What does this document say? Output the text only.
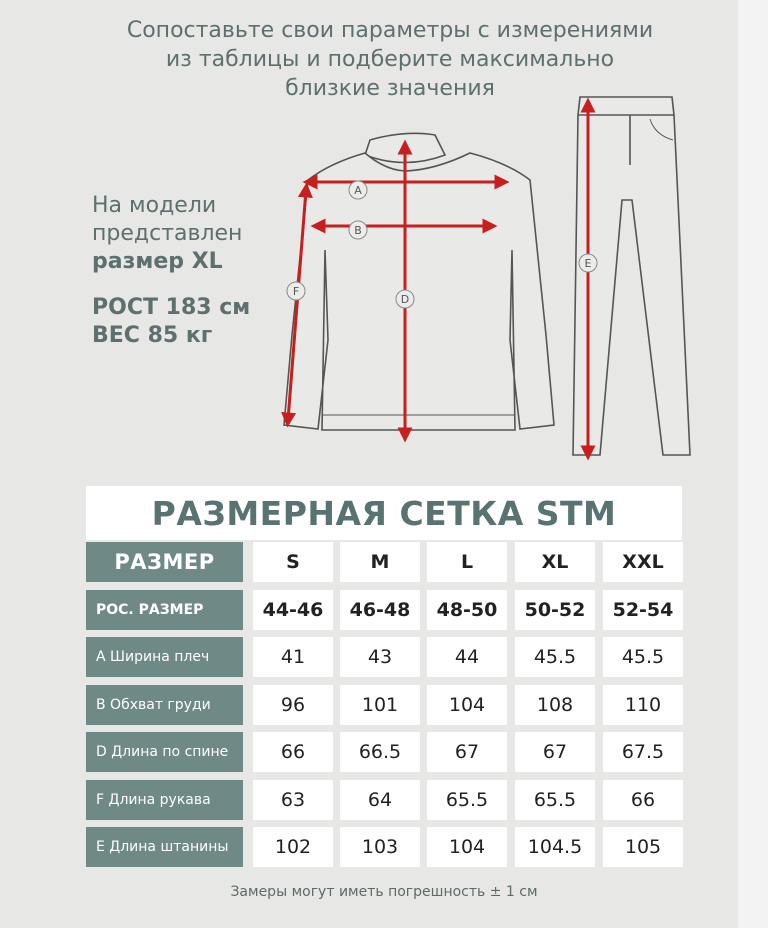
Сопоставьте свои параметры с измерениями
из таблицы и подберите максимально
близкие значения
На модели
представлен
размер XL
РОСТ 183 см
ВЕС 85 кг
A
B
D
F
E
РАЗМЕРНАЯ СЕТКА STM
РАЗМЕР	S	M	L	XL	XXL
РОС. РАЗМЕР	44-46	46-48	48-50	50-52	52-54
А Ширина плеч	41	43	44	45.5	45.5
В Обхват груди	96	101	104	108	110
D Длина по спине	66	66.5	67	67	67.5
F Длина рукава	63	64	65.5	65.5	66
Е Длина штанины	102	103	104	104.5	105
Замеры могут иметь погрешность ± 1 см
